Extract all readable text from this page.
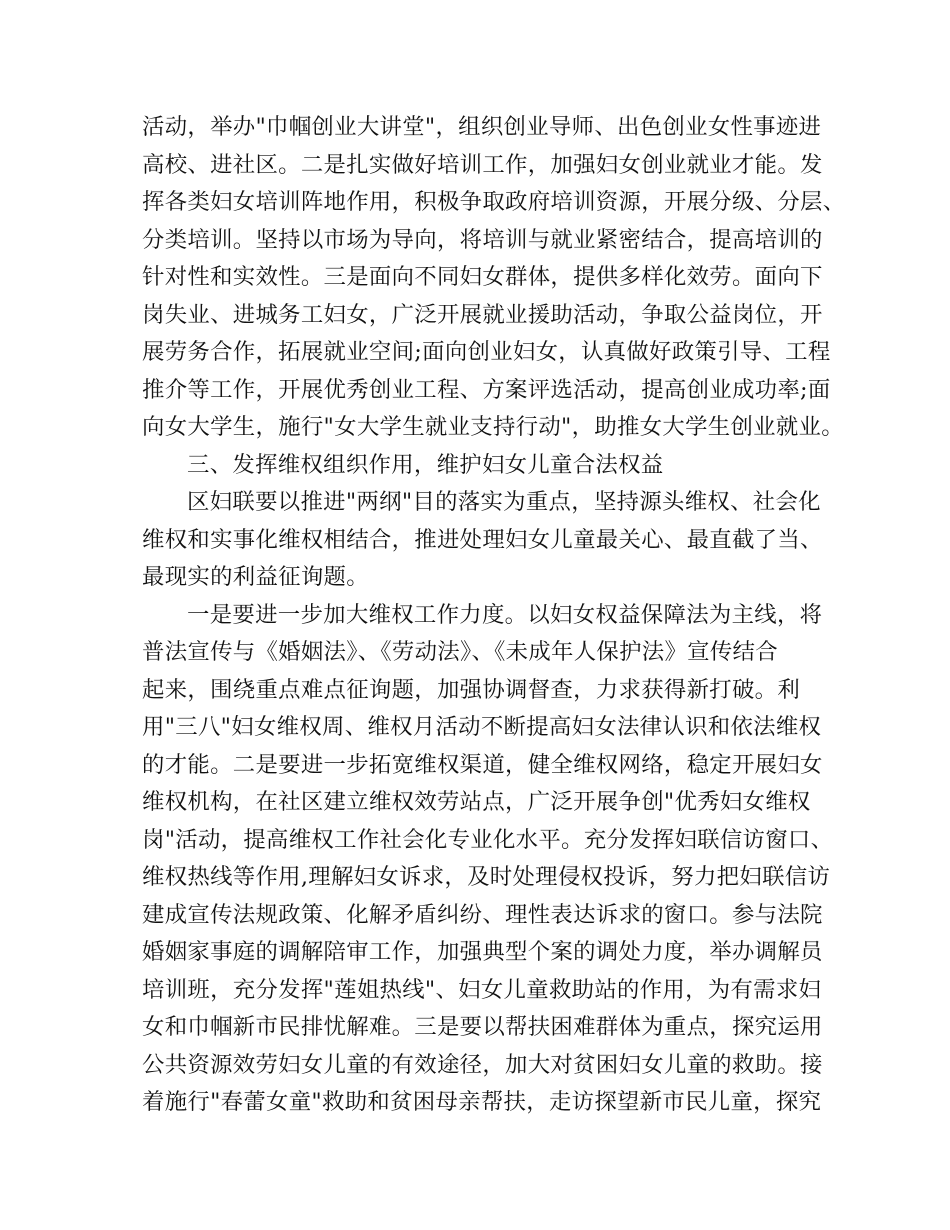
活动，举办"巾帼创业大讲堂"，组织创业导师、出色创业女性事迹进
高校、进社区。二是扎实做好培训工作，加强妇女创业就业才能。发
挥各类妇女培训阵地作用，积极争取政府培训资源，开展分级、分层、
分类培训。坚持以市场为导向，将培训与就业紧密结合，提高培训的
针对性和实效性。三是面向不同妇女群体，提供多样化效劳。面向下
岗失业、进城务工妇女，广泛开展就业援助活动，争取公益岗位，开
展劳务合作，拓展就业空间;面向创业妇女，认真做好政策引导、工程
推介等工作，开展优秀创业工程、方案评选活动，提高创业成功率;面
向女大学生，施行"女大学生就业支持行动"，助推女大学生创业就业。
三、发挥维权组织作用，维护妇女儿童合法权益
区妇联要以推进"两纲"目的落实为重点，坚持源头维权、社会化
维权和实事化维权相结合，推进处理妇女儿童最关心、最直截了当、
最现实的利益征询题。
一是要进一步加大维权工作力度。以妇女权益保障法为主线，将
普法宣传与《婚姻法》、《劳动法》、《未成年人保护法》宣传结合
起来，围绕重点难点征询题，加强协调督查，力求获得新打破。利
用"三八"妇女维权周、维权月活动不断提高妇女法律认识和依法维权
的才能。二是要进一步拓宽维权渠道，健全维权网络，稳定开展妇女
维权机构，在社区建立维权效劳站点，广泛开展争创"优秀妇女维权
岗"活动，提高维权工作社会化专业化水平。充分发挥妇联信访窗口、
维权热线等作用,理解妇女诉求，及时处理侵权投诉，努力把妇联信访
建成宣传法规政策、化解矛盾纠纷、理性表达诉求的窗口。参与法院
婚姻家事庭的调解陪审工作，加强典型个案的调处力度，举办调解员
培训班，充分发挥"莲姐热线"、妇女儿童救助站的作用，为有需求妇
女和巾帼新市民排忧解难。三是要以帮扶困难群体为重点，探究运用
公共资源效劳妇女儿童的有效途径，加大对贫困妇女儿童的救助。接
着施行"春蕾女童"救助和贫困母亲帮扶，走访探望新市民儿童，探究
